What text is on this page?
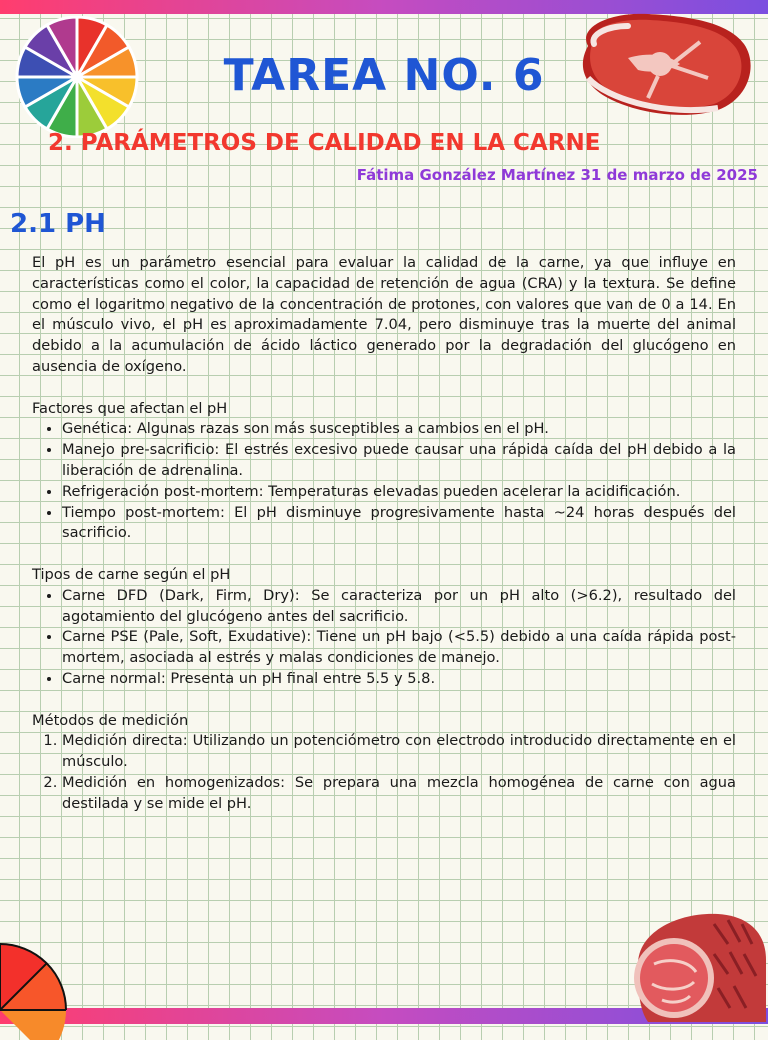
TAREA NO. 6
2. PARÁMETROS DE CALIDAD EN LA CARNE
Fátima González Martínez 31 de marzo de 2025
2.1 PH

El pH es un parámetro esencial para evaluar la calidad de la carne, ya que influye en características como el color, la capacidad de retención de agua (CRA) y la textura. Se define como el logaritmo negativo de la concentración de protones, con valores que van de 0 a 14. En el músculo vivo, el pH es aproximadamente 7.04, pero disminuye tras la muerte del animal debido a la acumulación de ácido láctico generado por la degradación del glucógeno en ausencia de oxígeno.

Factores que afectan el pH

• Genética: Algunas razas son más susceptibles a cambios en el pH.
• Manejo pre-sacrificio: El estrés excesivo puede causar una rápida caída del pH debido a la liberación de adrenalina.
• Refrigeración post-mortem: Temperaturas elevadas pueden acelerar la acidificación.
• Tiempo post-mortem: El pH disminuye progresivamente hasta ~24 horas después del sacrificio.

Tipos de carne según el pH

• Carne DFD (Dark, Firm, Dry): Se caracteriza por un pH alto (>6.2), resultado del agotamiento del glucógeno antes del sacrificio.
• Carne PSE (Pale, Soft, Exudative): Tiene un pH bajo (<5.5) debido a una caída rápida post-mortem, asociada al estrés y malas condiciones de manejo.
• Carne normal: Presenta un pH final entre 5.5 y 5.8.

Métodos de medición

1. Medición directa: Utilizando un potenciómetro con electrodo introducido directamente en el músculo.
2. Medición en homogenizados: Se prepara una mezcla homogénea de carne con agua destilada y se mide el pH.
